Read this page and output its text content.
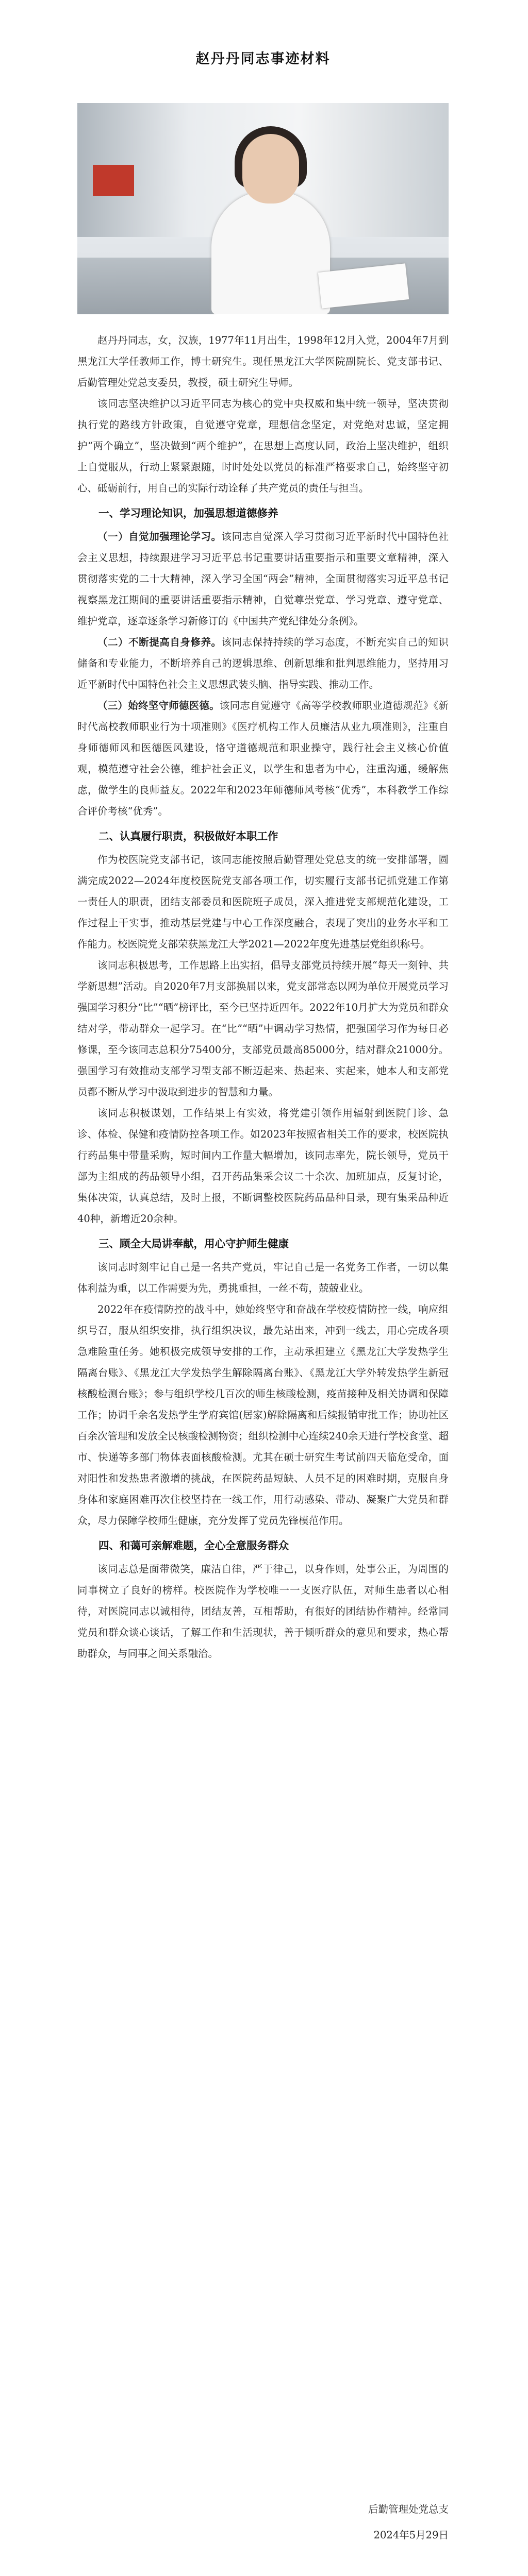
赵丹丹同志事迹材料

赵丹丹同志，女，汉族，1977年11月出生，1998年12月入党，2004年7月到黑龙江大学任教师工作，博士研究生。现任黑龙江大学医院副院长、党支部书记、后勤管理处党总支委员，教授，硕士研究生导师。

该同志坚决维护以习近平同志为核心的党中央权威和集中统一领导，坚决贯彻执行党的路线方针政策，自觉遵守党章，理想信念坚定，对党绝对忠诚，坚定拥护“两个确立”，坚决做到“两个维护”，在思想上高度认同，政治上坚决维护，组织上自觉服从，行动上紧紧跟随，时时处处以党员的标准严格要求自己，始终坚守初心、砥砺前行，用自己的实际行动诠释了共产党员的责任与担当。

一、学习理论知识，加强思想道德修养

（一）自觉加强理论学习。该同志自觉深入学习贯彻习近平新时代中国特色社会主义思想，持续跟进学习习近平总书记重要讲话重要指示和重要文章精神，深入贯彻落实党的二十大精神，深入学习全国“两会”精神，全面贯彻落实习近平总书记视察黑龙江期间的重要讲话重要指示精神，自觉尊崇党章、学习党章、遵守党章、维护党章，逐章逐条学习新修订的《中国共产党纪律处分条例》。

（二）不断提高自身修养。该同志保持持续的学习态度，不断充实自己的知识储备和专业能力，不断培养自己的逻辑思维、创新思维和批判思维能力，坚持用习近平新时代中国特色社会主义思想武装头脑、指导实践、推动工作。

（三）始终坚守师德医德。该同志自觉遵守《高等学校教师职业道德规范》《新时代高校教师职业行为十项准则》《医疗机构工作人员廉洁从业九项准则》，注重自身师德师风和医德医风建设，恪守道德规范和职业操守，践行社会主义核心价值观，模范遵守社会公德，维护社会正义，以学生和患者为中心，注重沟通，缓解焦虑，做学生的良师益友。2022年和2023年师德师风考核“优秀”，本科教学工作综合评价考核“优秀”。

二、认真履行职责，积极做好本职工作

作为校医院党支部书记，该同志能按照后勤管理处党总支的统一安排部署，圆满完成2022—2024年度校医院党支部各项工作，切实履行支部书记抓党建工作第一责任人的职责，团结支部委员和医院班子成员，深入推进党支部规范化建设，工作过程上干实事，推动基层党建与中心工作深度融合，表现了突出的业务水平和工作能力。校医院党支部荣获黑龙江大学2021—2022年度先进基层党组织称号。

该同志积极思考，工作思路上出实招，倡导支部党员持续开展“每天一刻钟、共学新思想”活动。自2020年7月支部换届以来，党支部常态以网为单位开展党员学习强国学习积分“比”“晒”榜评比，至今已坚持近四年。2022年10月扩大为党员和群众结对学，带动群众一起学习。在“比”“晒”中调动学习热情，把强国学习作为每日必修课，至今该同志总积分75400分，支部党员最高85000分，结对群众21000分。强国学习有效推动支部学习型支部不断迈起来、热起来、实起来，她本人和支部党员都不断从学习中汲取到进步的智慧和力量。

该同志积极谋划，工作结果上有实效，将党建引领作用辐射到医院门诊、急诊、体检、保健和疫情防控各项工作。如2023年按照省相关工作的要求，校医院执行药品集中带量采购，短时间内工作量大幅增加，该同志率先，院长领导，党员干部为主组成的药品领导小组，召开药品集采会议二十余次、加班加点，反复讨论，集体决策，认真总结，及时上报，不断调整校医院药品品种目录，现有集采品种近40种，新增近20余种。

三、顾全大局讲奉献，用心守护师生健康

该同志时刻牢记自己是一名共产党员，牢记自己是一名党务工作者，一切以集体利益为重，以工作需要为先，勇挑重担，一丝不苟，兢兢业业。

2022年在疫情防控的战斗中，她始终坚守和奋战在学校疫情防控一线，响应组织号召，服从组织安排，执行组织决议，最先站出来，冲到一线去，用心完成各项急难险重任务。她积极完成领导安排的工作，主动承担建立《黑龙江大学发热学生隔离台账》、《黑龙江大学发热学生解除隔离台账》、《黑龙江大学外转发热学生新冠核酸检测台账》；参与组织学校几百次的师生核酸检测，疫苗接种及相关协调和保障工作；协调千余名发热学生学府宾馆(居家)解除隔离和后续报销审批工作；协助社区百余次管理和发放全民核酸检测物资；组织检测中心连续240余天进行学校食堂、超市、快递等多部门物体表面核酸检测。尤其在硕士研究生考试前四天临危受命，面对阳性和发热患者激增的挑战，在医院药品短缺、人员不足的困难时期，克服自身身体和家庭困难再次住校坚持在一线工作，用行动感染、带动、凝聚广大党员和群众，尽力保障学校师生健康，充分发挥了党员先锋模范作用。

四、和蔼可亲解难题，全心全意服务群众

该同志总是面带微笑，廉洁自律，严于律己，以身作则，处事公正，为周围的同事树立了良好的榜样。校医院作为学校唯一一支医疗队伍，对师生患者以心相待，对医院同志以诚相待，团结友善，互相帮助，有很好的团结协作精神。经常同党员和群众谈心谈话，了解工作和生活现状，善于倾听群众的意见和要求，热心帮助群众，与同事之间关系融洽。

后勤管理处党总支
2024年5月29日
